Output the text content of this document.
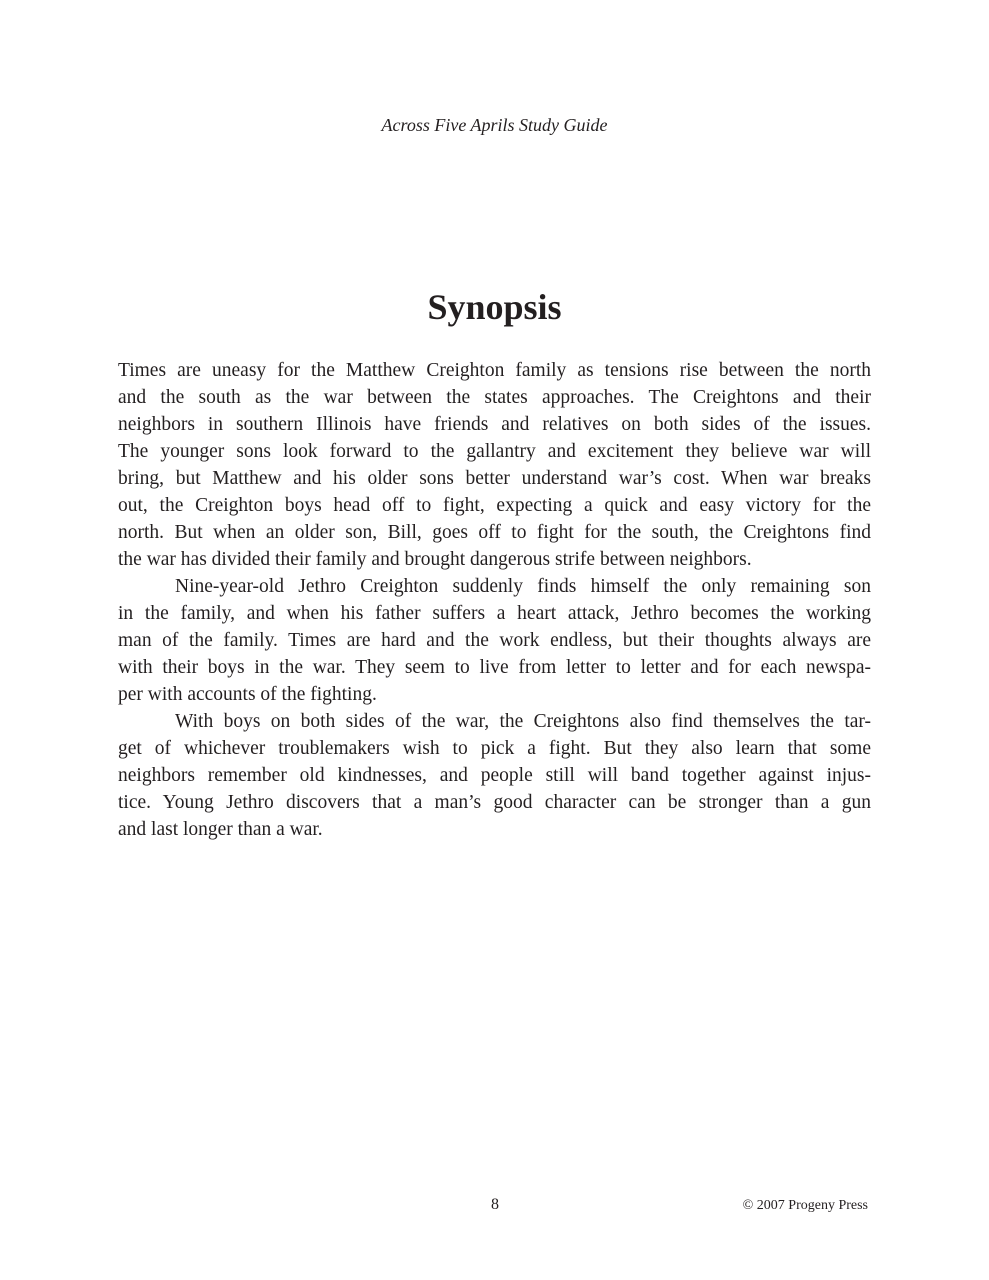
Across Five Aprils Study Guide
Synopsis
Times are uneasy for the Matthew Creighton family as tensions rise between the north
and the south as the war between the states approaches. The Creightons and their
neighbors in southern Illinois have friends and relatives on both sides of the issues.
The younger sons look forward to the gallantry and excitement they believe war will
bring, but Matthew and his older sons better understand war’s cost. When war breaks
out, the Creighton boys head off to fight, expecting a quick and easy victory for the
north. But when an older son, Bill, goes off to fight for the south, the Creightons find
the war has divided their family and brought dangerous strife between neighbors.
Nine-year-old Jethro Creighton suddenly finds himself the only remaining son
in the family, and when his father suffers a heart attack, Jethro becomes the working
man of the family. Times are hard and the work endless, but their thoughts always are
with their boys in the war. They seem to live from letter to letter and for each newspa-
per with accounts of the fighting.
With boys on both sides of the war, the Creightons also find themselves the tar-
get of whichever troublemakers wish to pick a fight. But they also learn that some
neighbors remember old kindnesses, and people still will band together against injus-
tice. Young Jethro discovers that a man’s good character can be stronger than a gun
and last longer than a war.
8	© 2007 Progeny Press
